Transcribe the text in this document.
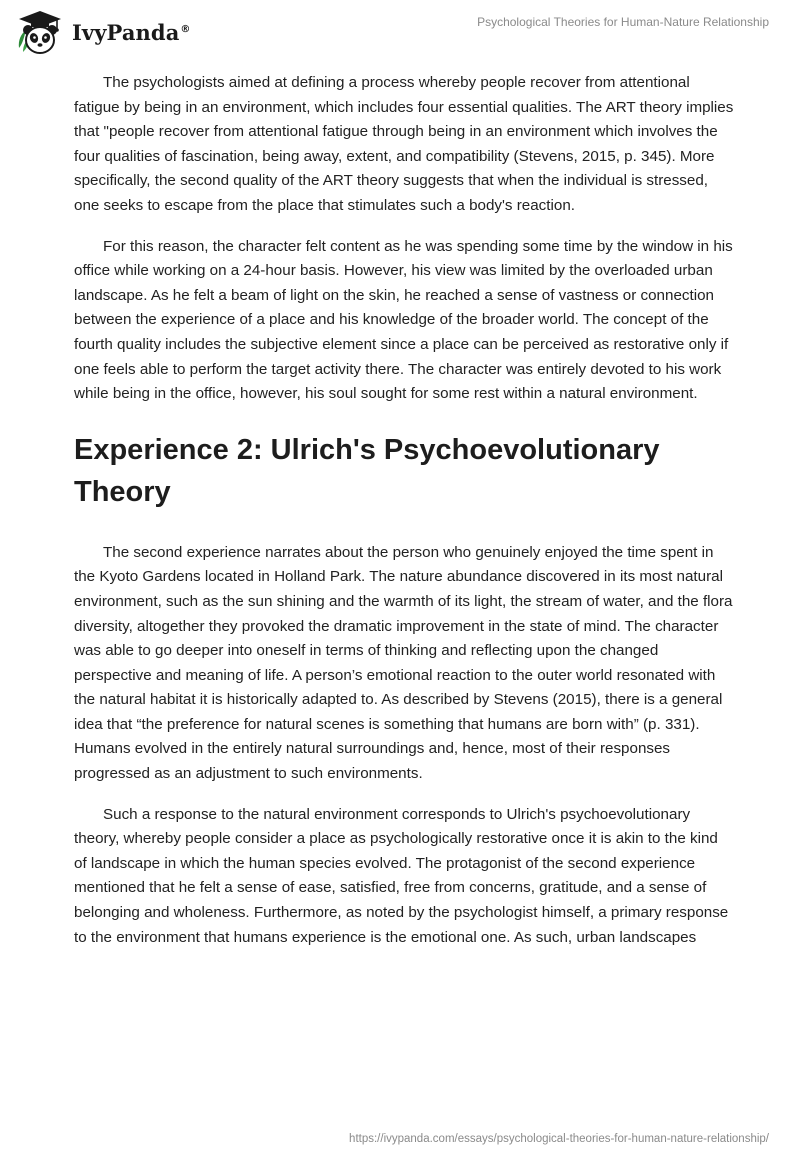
IvyPanda®	Psychological Theories for Human-Nature Relationship

The psychologists aimed at defining a process whereby people recover from attentional fatigue by being in an environment, which includes four essential qualities. The ART theory implies that "people recover from attentional fatigue through being in an environment which involves the four qualities of fascination, being away, extent, and compatibility (Stevens, 2015, p. 345). More specifically, the second quality of the ART theory suggests that when the individual is stressed, one seeks to escape from the place that stimulates such a body's reaction.

For this reason, the character felt content as he was spending some time by the window in his office while working on a 24-hour basis. However, his view was limited by the overloaded urban landscape. As he felt a beam of light on the skin, he reached a sense of vastness or connection between the experience of a place and his knowledge of the broader world. The concept of the fourth quality includes the subjective element since a place can be perceived as restorative only if one feels able to perform the target activity there. The character was entirely devoted to his work while being in the office, however, his soul sought for some rest within a natural environment.

Experience 2: Ulrich's Psychoevolutionary Theory

The second experience narrates about the person who genuinely enjoyed the time spent in the Kyoto Gardens located in Holland Park. The nature abundance discovered in its most natural environment, such as the sun shining and the warmth of its light, the stream of water, and the flora diversity, altogether they provoked the dramatic improvement in the state of mind. The character was able to go deeper into oneself in terms of thinking and reflecting upon the changed perspective and meaning of life. A person’s emotional reaction to the outer world resonated with the natural habitat it is historically adapted to. As described by Stevens (2015), there is a general idea that “the preference for natural scenes is something that humans are born with” (p. 331). Humans evolved in the entirely natural surroundings and, hence, most of their responses progressed as an adjustment to such environments.

Such a response to the natural environment corresponds to Ulrich's psychoevolutionary theory, whereby people consider a place as psychologically restorative once it is akin to the kind of landscape in which the human species evolved. The protagonist of the second experience mentioned that he felt a sense of ease, satisfied, free from concerns, gratitude, and a sense of belonging and wholeness. Furthermore, as noted by the psychologist himself, a primary response to the environment that humans experience is the emotional one. As such, urban landscapes

https://ivypanda.com/essays/psychological-theories-for-human-nature-relationship/
